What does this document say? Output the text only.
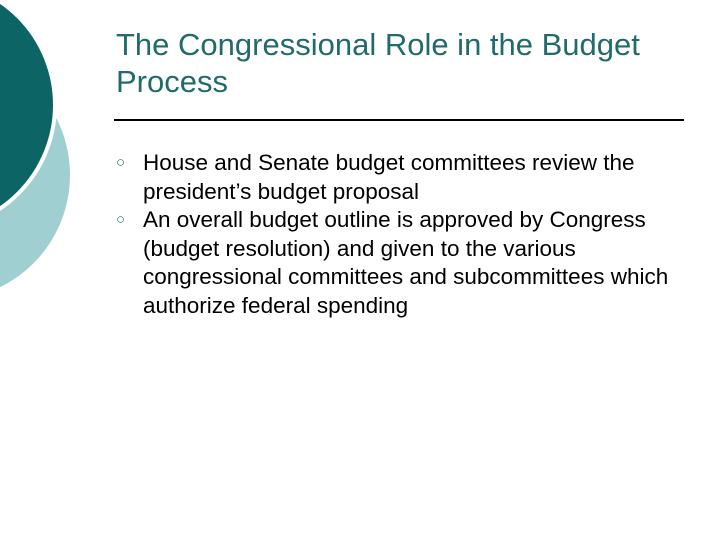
The Congressional Role in the Budget Process
○
House and Senate budget committees review the president’s budget proposal
○
An overall budget outline is approved by Congress (budget resolution) and given to the various congressional committees and subcommittees which authorize federal spending
